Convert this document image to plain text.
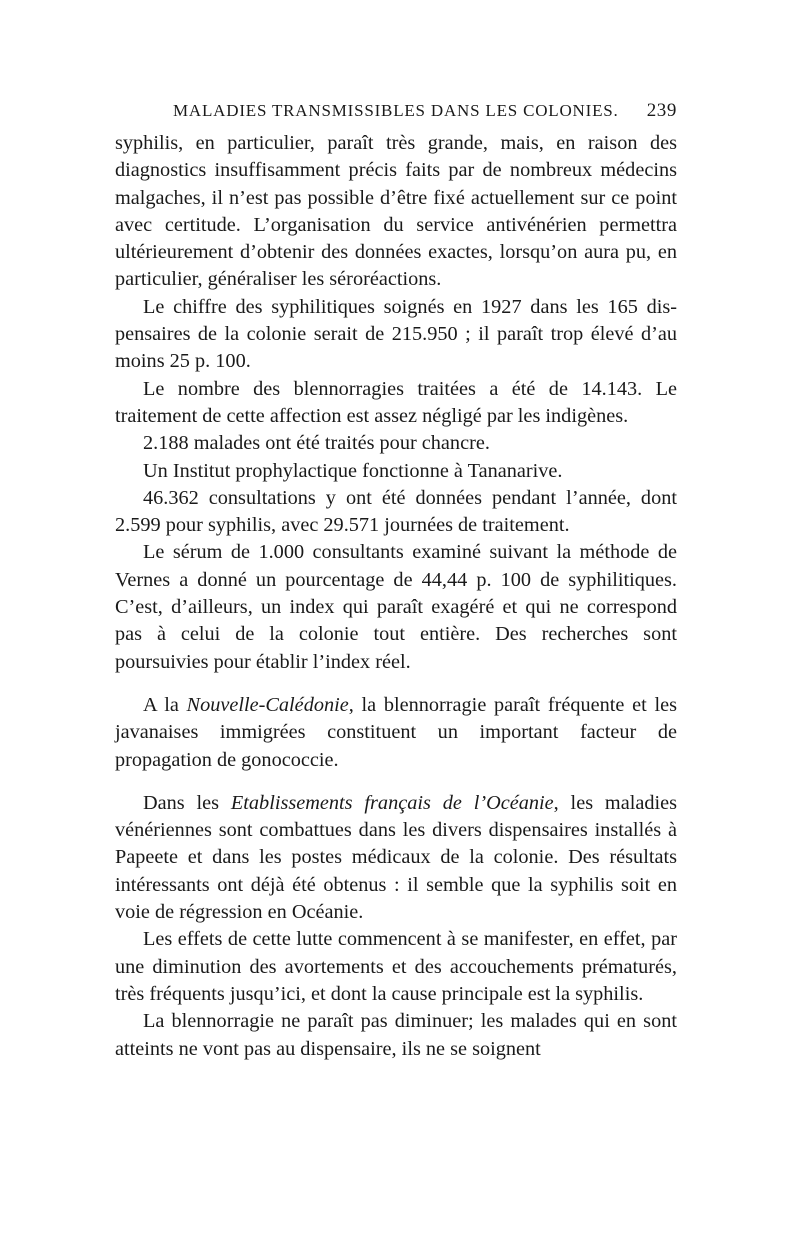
MALADIES TRANSMISSIBLES DANS LES COLONIES. 239

syphilis, en particulier, paraît très grande, mais, en raison des diagnostics insuffisamment précis faits par de nombreux médecins malgaches, il n’est pas possible d’être fixé actuellement sur ce point avec certitude. L’organisation du service antivénérien permettra ultérieurement d’obtenir des données exactes, lorsqu’on aura pu, en particulier, généraliser les séroréactions.

Le chiffre des syphilitiques soignés en 1927 dans les 165 dispensaires de la colonie serait de 215.950 ; il paraît trop élevé d’au moins 25 p. 100.

Le nombre des blennorragies traitées a été de 14.143. Le traitement de cette affection est assez négligé par les indigènes.

2.188 malades ont été traités pour chancre.

Un Institut prophylactique fonctionne à Tananarive.

46.362 consultations y ont été données pendant l’année, dont 2.599 pour syphilis, avec 29.571 journées de traitement.

Le sérum de 1.000 consultants examiné suivant la méthode de Vernes a donné un pourcentage de 44,44 p. 100 de syphilitiques. C’est, d’ailleurs, un index qui paraît exagéré et qui ne correspond pas à celui de la colonie tout entière. Des recherches sont poursuivies pour établir l’index réel.

A la Nouvelle-Calédonie, la blennorragie paraît fréquente et les javanaises immigrées constituent un important facteur de propagation de gonococcie.

Dans les Etablissements français de l’Océanie, les maladies vénériennes sont combattues dans les divers dispensaires installés à Papeete et dans les postes médicaux de la colonie. Des résultats intéressants ont déjà été obtenus : il semble que la syphilis soit en voie de régression en Océanie.

Les effets de cette lutte commencent à se manifester, en effet, par une diminution des avortements et des accouchements prématurés, très fréquents jusqu’ici, et dont la cause principale est la syphilis.

La blennorragie ne paraît pas diminuer; les malades qui en sont atteints ne vont pas au dispensaire, ils ne se soignent
